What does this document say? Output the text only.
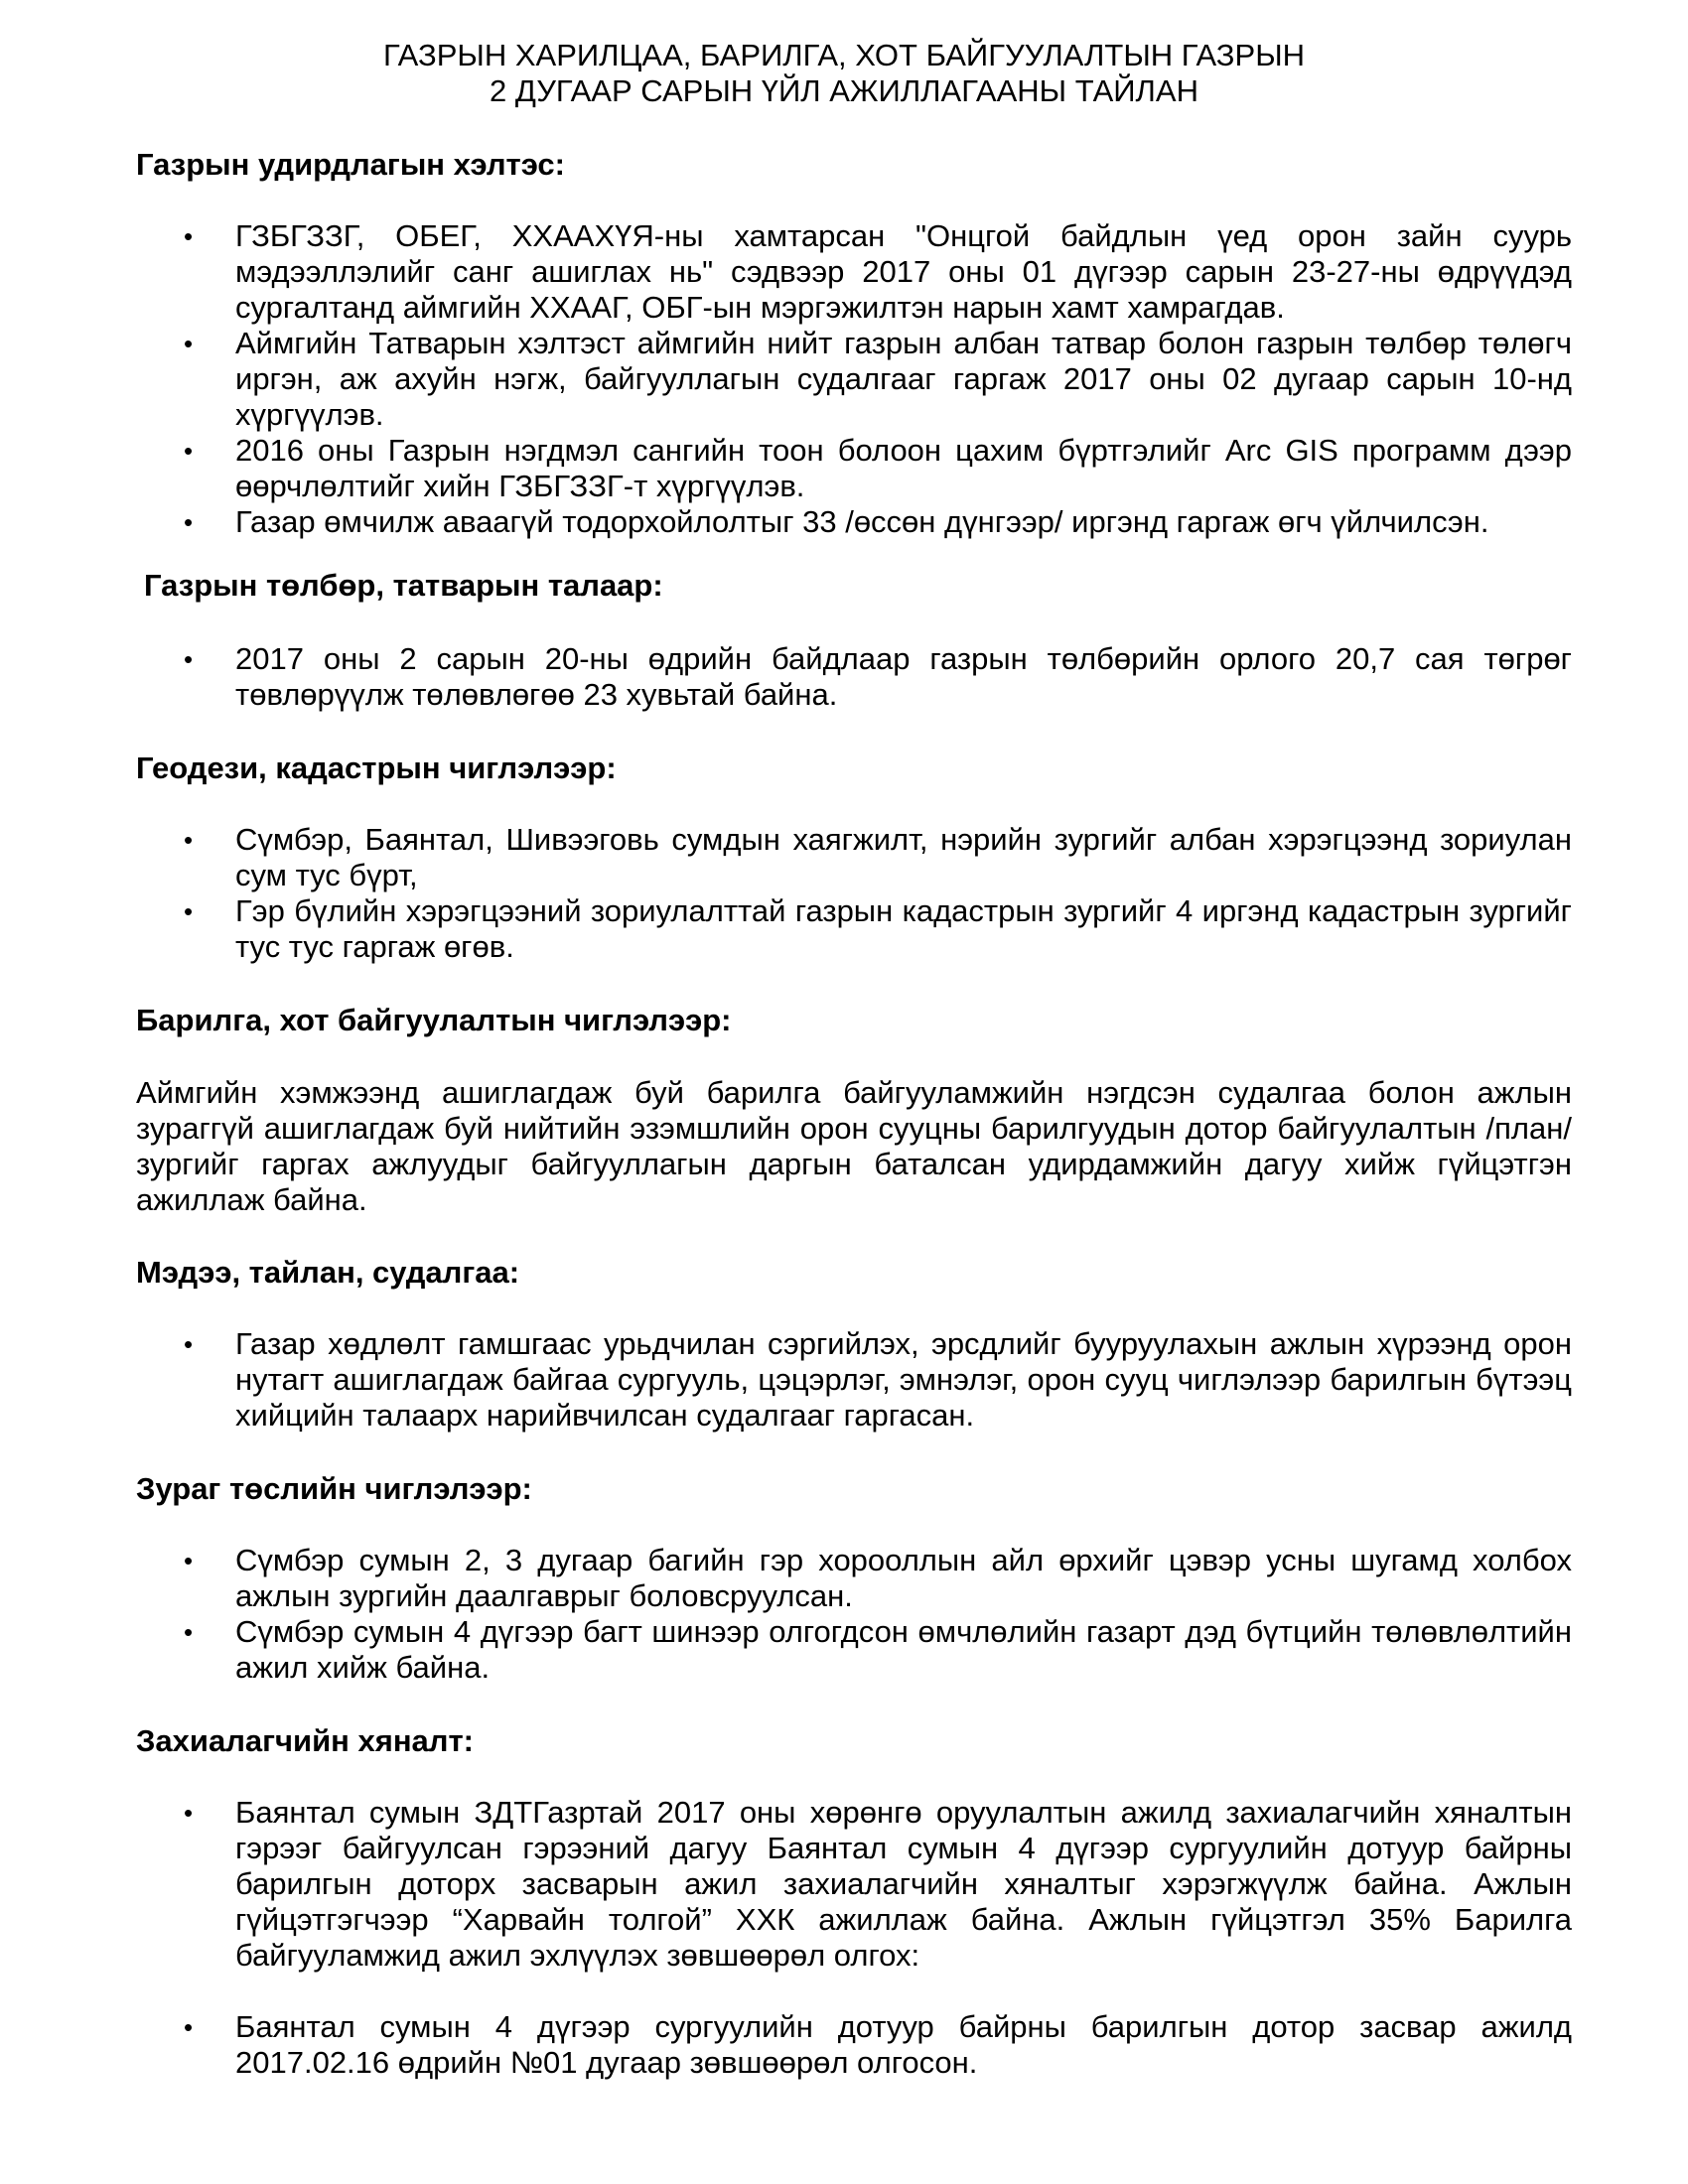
ГАЗРЫН ХАРИЛЦАА, БАРИЛГА, ХОТ БАЙГУУЛАЛТЫН ГАЗРЫН
2 ДУГААР САРЫН ҮЙЛ АЖИЛЛАГААНЫ ТАЙЛАН
Газрын удирдлагын хэлтэс:
•	ГЗБГЗЗГ, ОБЕГ, ХХААХҮЯ-ны хамтарсан "Онцгой байдлын үед орон зайн суурь мэдээллэлийг санг ашиглах нь" сэдвээр 2017 оны 01 дүгээр сарын 23-27-ны өдрүүдэд сургалтанд аймгийн ХХААГ, ОБГ-ын мэргэжилтэн нарын хамт хамрагдав.
•	Аймгийн Татварын хэлтэст аймгийн нийт газрын албан татвар болон газрын төлбөр төлөгч иргэн, аж ахуйн нэгж, байгууллагын судалгааг гаргаж 2017 оны 02 дугаар сарын 10-нд хүргүүлэв.
•	2016 оны Газрын нэгдмэл сангийн тоон болоон цахим бүртгэлийг Arc GIS программ дээр өөрчлөлтийг хийн ГЗБГЗЗГ-т хүргүүлэв.
•	Газар өмчилж аваагүй тодорхойлолтыг 33 /өссөн дүнгээр/ иргэнд гаргаж өгч үйлчилсэн.
Газрын төлбөр, татварын талаар:
•	2017 оны 2 сарын 20-ны өдрийн байдлаар газрын төлбөрийн орлого 20,7 сая төгрөг төвлөрүүлж төлөвлөгөө 23 хувьтай байна.
Геодези, кадастрын чиглэлээр:
•	Сүмбэр, Баянтал, Шивээговь сумдын хаягжилт, нэрийн зургийг албан хэрэгцээнд зориулан сум тус бүрт,
•	Гэр бүлийн хэрэгцээний зориулалттай газрын кадастрын зургийг 4 иргэнд кадастрын зургийг тус тус гаргаж өгөв.
Барилга, хот байгуулалтын чиглэлээр:
Аймгийн хэмжээнд ашиглагдаж буй барилга байгууламжийн нэгдсэн судалгаа болон ажлын зураггүй ашиглагдаж буй нийтийн эзэмшлийн орон сууцны барилгуудын дотор байгуулалтын /план/ зургийг гаргах ажлуудыг байгууллагын даргын баталсан удирдамжийн дагуу хийж гүйцэтгэн ажиллаж байна.
Мэдээ, тайлан, судалгаа:
•	Газар хөдлөлт гамшгаас урьдчилан сэргийлэх, эрсдлийг бууруулахын ажлын хүрээнд орон нутагт ашиглагдаж байгаа сургууль, цэцэрлэг, эмнэлэг, орон сууц чиглэлээр барилгын бүтээц хийцийн талаарх нарийвчилсан судалгааг гаргасан.
Зураг төслийн чиглэлээр:
•	Сүмбэр сумын 2, 3 дугаар багийн гэр хорооллын айл өрхийг цэвэр усны шугамд холбох ажлын зургийн даалгаврыг боловсруулсан.
•	Сүмбэр сумын 4 дүгээр багт шинээр олгогдсон өмчлөлийн газарт дэд бүтцийн төлөвлөлтийн ажил хийж байна.
Захиалагчийн хяналт:
•	Баянтал сумын ЗДТГазртай 2017 оны хөрөнгө оруулалтын ажилд захиалагчийн хяналтын гэрээг байгуулсан гэрээний дагуу Баянтал сумын 4 дүгээр сургуулийн дотуур байрны барилгын доторх засварын ажил захиалагчийн хяналтыг хэрэгжүүлж байна. Ажлын гүйцэтгэгчээр “Харвайн толгой” ХХК ажиллаж байна. Ажлын гүйцэтгэл 35% Барилга байгууламжид ажил эхлүүлэх зөвшөөрөл олгох:
•	Баянтал сумын 4 дүгээр сургуулийн дотуур байрны барилгын дотор засвар ажилд 2017.02.16 өдрийн №01 дугаар зөвшөөрөл олгосон.
